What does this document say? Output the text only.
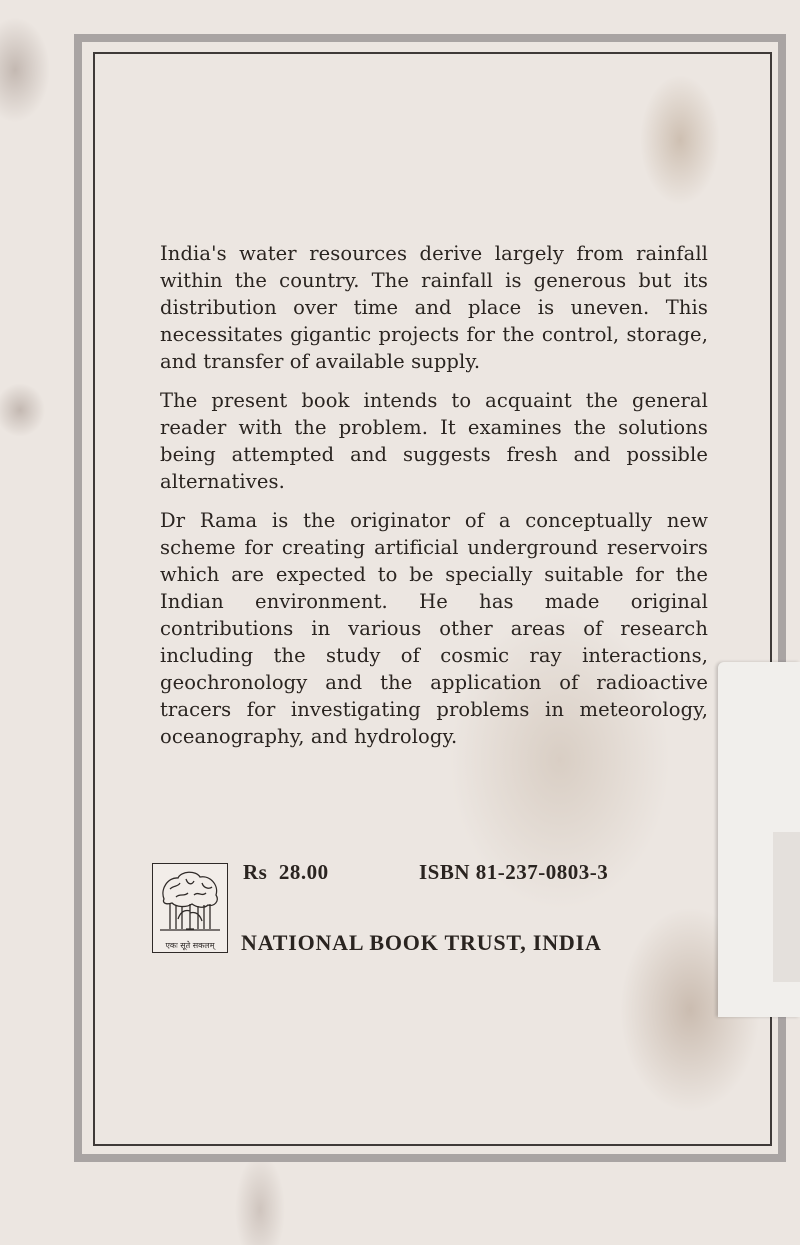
India's water resources derive largely from rainfall within the country. The rainfall is generous but its distribution over time and place is uneven. This necessitates gigantic projects for the control, storage, and transfer of available supply.

The present book intends to acquaint the general reader with the problem. It examines the solutions being attempted and suggests fresh and possible alternatives.

Dr Rama is the originator of a conceptually new scheme for creating artificial underground reservoirs which are expected to be specially suitable for the Indian environment. He has made original contributions in various other areas of research including the study of cosmic ray interactions, geochronology and the application of radioactive tracers for investigating problems in meteorology, oceanography, and hydrology.

एकः सूते सकलम्
Rs  28.00	ISBN 81-237-0803-3
NATIONAL BOOK TRUST, INDIA
